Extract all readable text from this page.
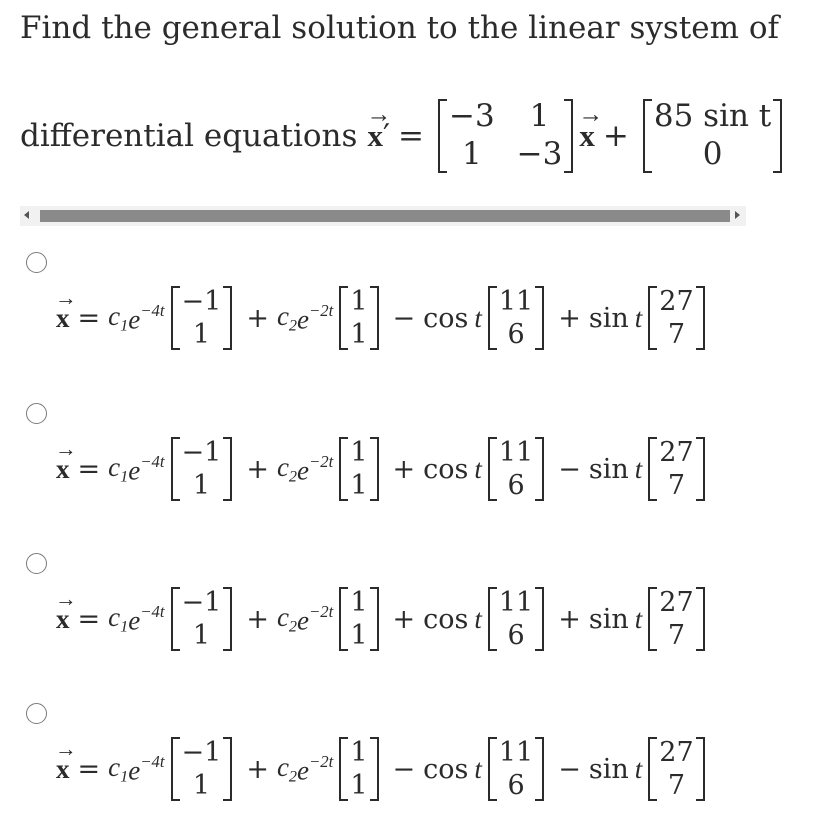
Find the general solution to the linear system of
differential equations
→
x ′ =
−3	1
1	−3
→
x +
85 sin t
0
→
$x = c_1$ $e^{-4t} -1$
1
+ $c_2$ $e^{-2t}$ 1
1
− cos t
11
6
+ sin t
27
7
→
$x = c_1$ $e^{-4t} -1$
1
+ $c_2$ $e^{-2t}$ 1
1
+ cos t
11
6
− sin t
27
7
→
$x = c_1$ $e^{-4t} -1$
1
+ $c_2$ $e^{-2t}$ 1
1
+ cos t
11
6
+ sin t
27
7
→
$x = c_1$ $e^{-4t} -1$
1
+ $c_2$ $e^{-2t}$ 1
1
− cos t
11
6
− sin t
27
7
